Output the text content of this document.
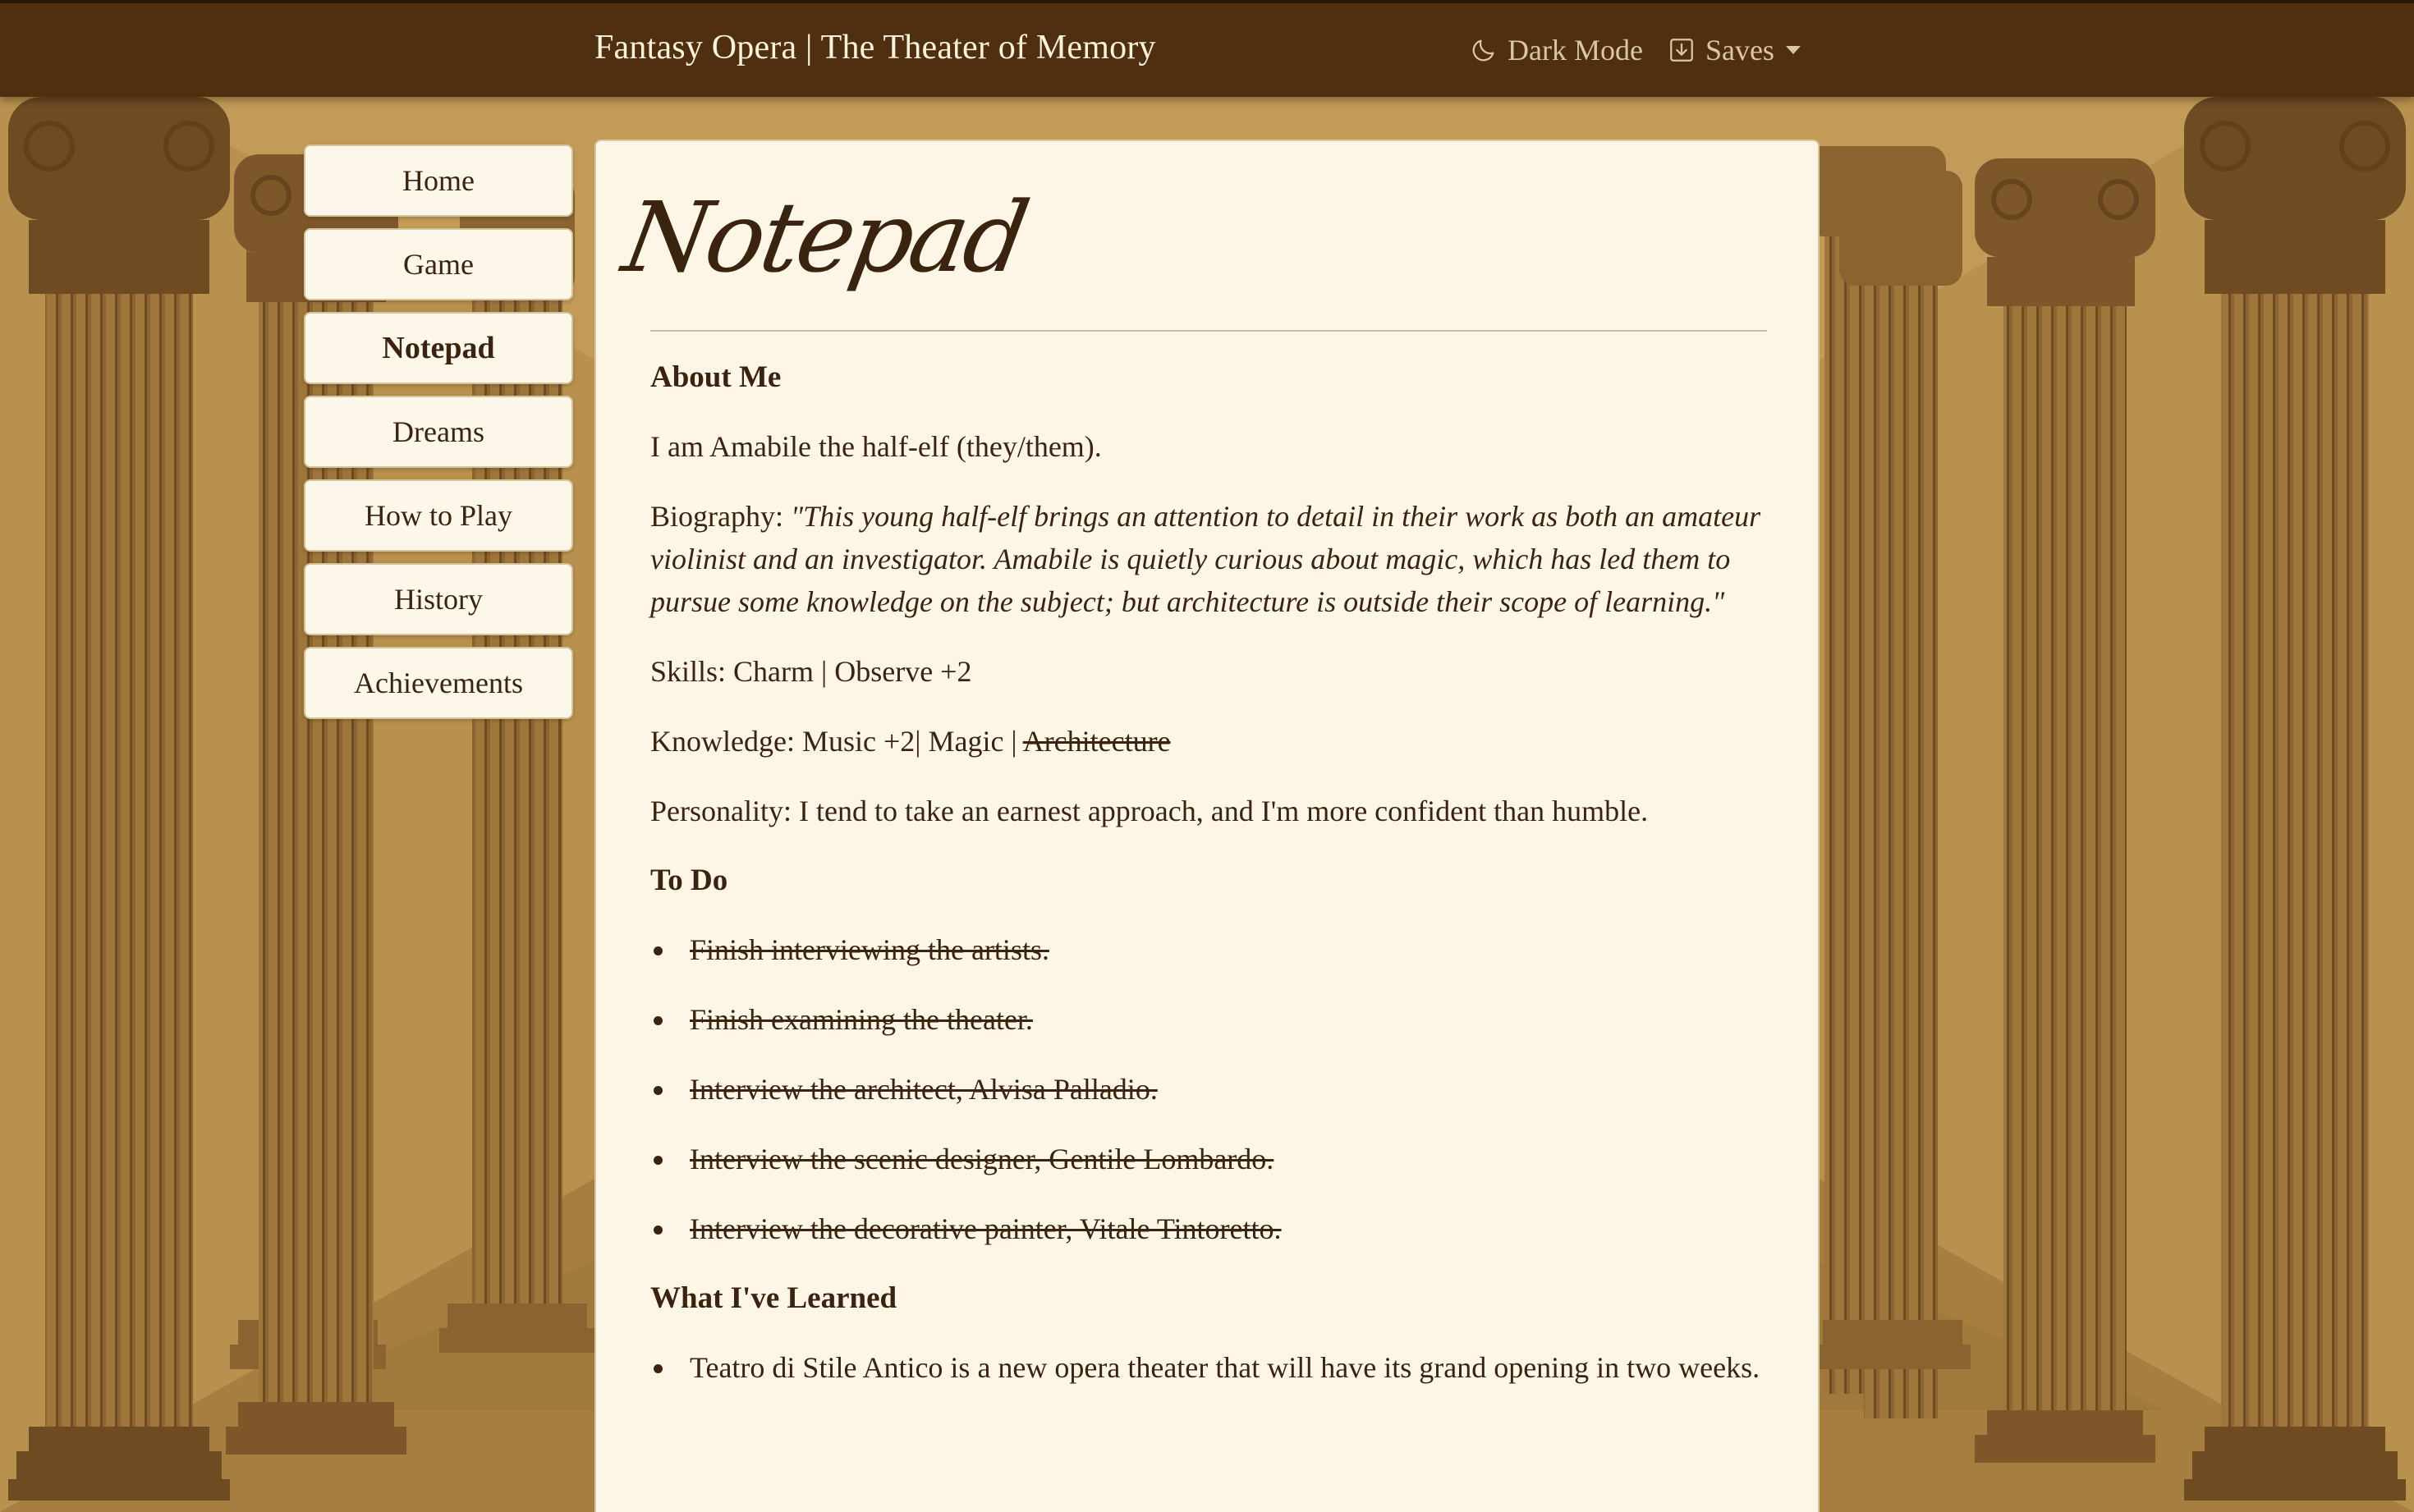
Fantasy Opera | The Theater of Memory	Dark Mode Saves
Home
Game
Notepad
Dreams
How to Play
History
Achievements
Notepad
About Me

I am Amabile the half-elf (they/them).

Biography: "This young half-elf brings an attention to detail in their work as both an amateur violinist and an investigator. Amabile is quietly curious about magic, which has led them to pursue some knowledge on the subject; but architecture is outside their scope of learning."

Skills: Charm | Observe +2

Knowledge: Music +2| Magic | Architecture

Personality: I tend to take an earnest approach, and I'm more confident than humble.

To Do
Finish interviewing the artists.
Finish examining the theater.
Interview the architect, Alvisa Palladio.
Interview the scenic designer, Gentile Lombardo.
Interview the decorative painter, Vitale Tintoretto.
What I've Learned
Teatro di Stile Antico is a new opera theater that will have its grand opening in two weeks.
